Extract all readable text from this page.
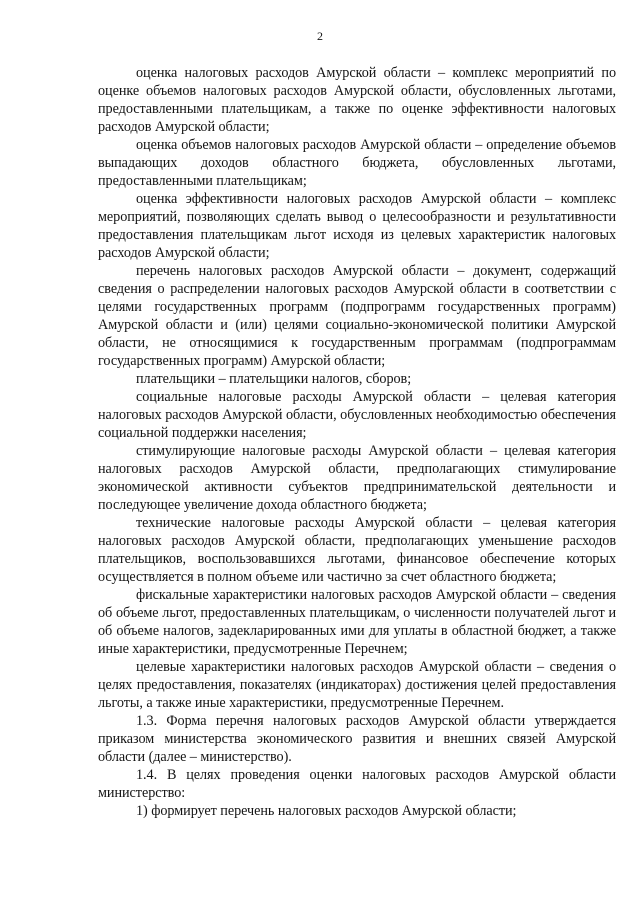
2

оценка налоговых расходов Амурской области – комплекс мероприятий по оценке объемов налоговых расходов Амурской области, обусловленных льготами, предоставленными плательщикам, а также по оценке эффективности налоговых расходов Амурской области;

оценка объемов налоговых расходов Амурской области – определение объемов выпадающих доходов областного бюджета, обусловленных льготами, предоставленными плательщикам;

оценка эффективности налоговых расходов Амурской области – комплекс мероприятий, позволяющих сделать вывод о целесообразности и результативности предоставления плательщикам льгот исходя из целевых характеристик налоговых расходов Амурской области;

перечень налоговых расходов Амурской области – документ, содержащий сведения о распределении налоговых расходов Амурской области в соответствии с целями государственных программ (подпрограмм государственных программ) Амурской области и (или) целями социально-экономической политики Амурской области, не относящимися к государственным программам (подпрограммам государственных программ) Амурской области;

плательщики – плательщики налогов, сборов;

социальные налоговые расходы Амурской области – целевая категория налоговых расходов Амурской области, обусловленных необходимостью обеспечения социальной поддержки населения;

стимулирующие налоговые расходы Амурской области – целевая категория налоговых расходов Амурской области, предполагающих стимулирование экономической активности субъектов предпринимательской деятельности и последующее увеличение дохода областного бюджета;

технические налоговые расходы Амурской области – целевая категория налоговых расходов Амурской области, предполагающих уменьшение расходов плательщиков, воспользовавшихся льготами, финансовое обеспечение которых осуществляется в полном объеме или частично за счет областного бюджета;

фискальные характеристики налоговых расходов Амурской области – сведения об объеме льгот, предоставленных плательщикам, о численности получателей льгот и об объеме налогов, задекларированных ими для уплаты в областной бюджет, а также иные характеристики, предусмотренные Перечнем;

целевые характеристики налоговых расходов Амурской области – сведения о целях предоставления, показателях (индикаторах) достижения целей предоставления льготы, а также иные характеристики, предусмотренные Перечнем.

1.3. Форма перечня налоговых расходов Амурской области утверждается приказом министерства экономического развития и внешних связей Амурской области (далее – министерство).

1.4. В целях проведения оценки налоговых расходов Амурской области министерство:

1) формирует перечень налоговых расходов Амурской области;
